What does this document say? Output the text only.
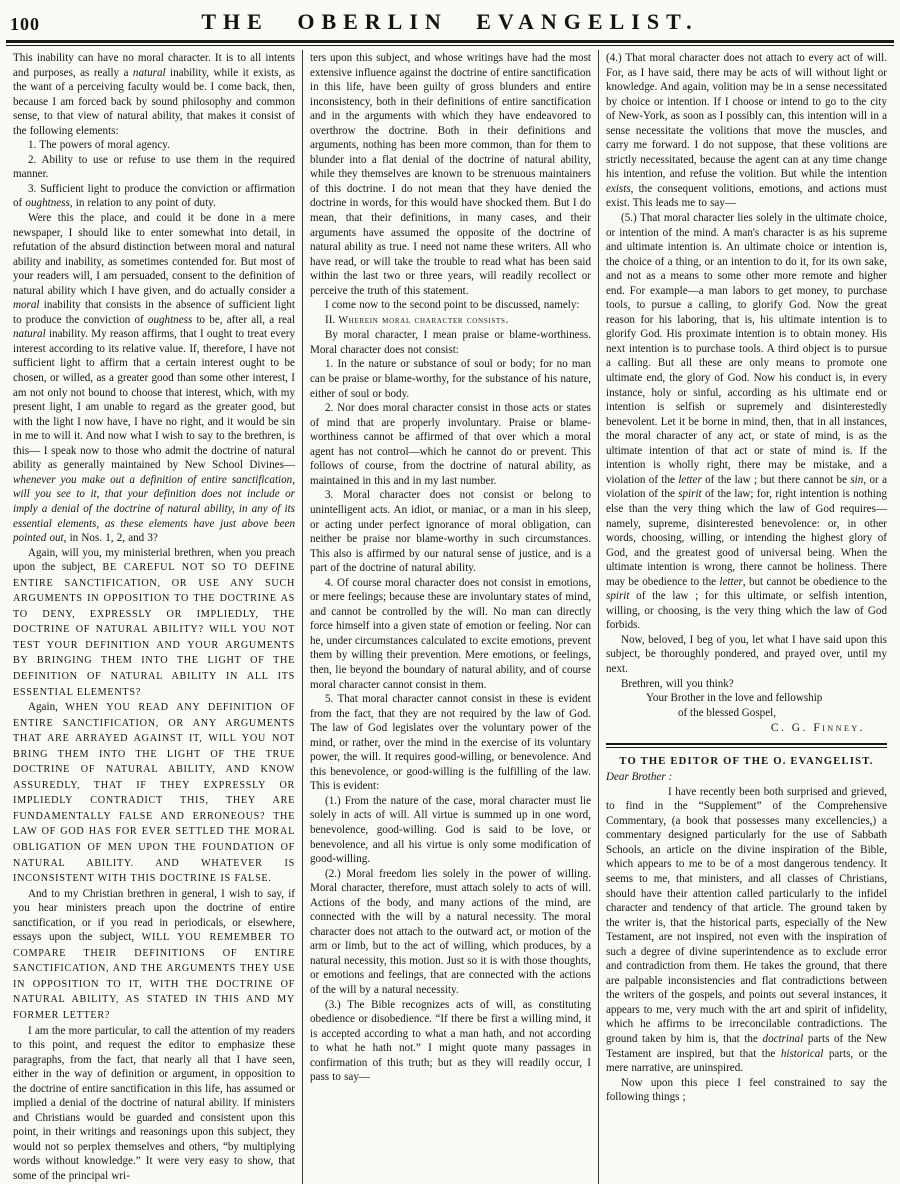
100	THE OBERLIN EVANGELIST.

This inability can have no moral character. It is to all intents and purposes, as really a natural inability, while it exists, as the want of a perceiving faculty would be. I come back, then, because I am forced back by sound philosophy and common sense, to that view of natural ability, that makes it consist of the following elements:

1. The powers of moral agency.

2. Ability to use or refuse to use them in the required manner.

3. Sufficient light to produce the conviction or affirmation of oughtness, in relation to any point of duty.

Were this the place, and could it be done in a mere newspaper, I should like to enter somewhat into detail, in refutation of the absurd distinction between moral and natural ability and inability, as sometimes contended for. But most of your readers will, I am persuaded, consent to the definition of natural ability which I have given, and do actually consider a moral inability that consists in the absence of sufficient light to produce the conviction of oughtness to be, after all, a real natural inability. My reason affirms, that I ought to treat every interest according to its relative value. If, therefore, I have not sufficient light to affirm that a certain interest ought to be chosen, or willed, as a greater good than some other interest, I am not only not bound to choose that interest, which, with my present light, I am unable to regard as the greater good, but with the light I now have, I have no right, and it would be sin in me to will it. And now what I wish to say to the brethren, is this— I speak now to those who admit the doctrine of natural ability as generally maintained by New School Divines—whenever you make out a definition of entire sanctification, will you see to it, that your definition does not include or imply a denial of the doctrine of natural ability, in any of its essential elements, as these elements have just above been pointed out, in Nos. 1, 2, and 3?

Again, will you, my ministerial brethren, when you preach upon the subject, BE CAREFUL NOT SO TO DEFINE ENTIRE SANCTIFICATION, OR USE ANY SUCH ARGUMENTS IN OPPOSITION TO THE DOCTRINE AS TO DENY, EXPRESSLY OR IMPLIEDLY, THE DOCTRINE OF NATURAL ABILITY? WILL YOU NOT TEST YOUR DEFINITION AND YOUR ARGUMENTS BY BRINGING THEM INTO THE LIGHT OF THE DEFINITION OF NATURAL ABILITY IN ALL ITS ESSENTIAL ELEMENTS?

Again, WHEN YOU READ ANY DEFINITION OF ENTIRE SANCTIFICATION, OR ANY ARGUMENTS THAT ARE ARRAYED AGAINST IT, WILL YOU NOT BRING THEM INTO THE LIGHT OF THE TRUE DOCTRINE OF NATURAL ABILITY, AND KNOW ASSUREDLY, THAT IF THEY EXPRESSLY OR IMPLIEDLY CONTRADICT THIS, THEY ARE FUNDAMENTALLY FALSE AND ERRONEOUS? THE LAW OF GOD HAS FOR EVER SETTLED THE MORAL OBLIGATION OF MEN UPON THE FOUNDATION OF NATURAL ABILITY. AND WHATEVER IS INCONSISTENT WITH THIS DOCTRINE IS FALSE.

And to my Christian brethren in general, I wish to say, if you hear ministers preach upon the doctrine of entire sanctification, or if you read in periodicals, or elsewhere, essays upon the subject, WILL YOU REMEMBER TO COMPARE THEIR DEFINITIONS OF ENTIRE SANCTIFICATION, AND THE ARGUMENTS THEY USE IN OPPOSITION TO IT, WITH THE DOCTRINE OF NATURAL ABILITY, AS STATED IN THIS AND MY FORMER LETTER?

I am the more particular, to call the attention of my readers to this point, and request the editor to emphasize these paragraphs, from the fact, that nearly all that I have seen, either in the way of definition or argument, in opposition to the doctrine of entire sanctification in this life, has assumed or implied a denial of the doctrine of natural ability. If ministers and Christians would be guarded and consistent upon this point, in their writings and reasonings upon this subject, they would not so perplex themselves and others, “by multiplying words without knowledge.” It were very easy to show, that some of the principal wri-

ters upon this subject, and whose writings have had the most extensive influence against the doctrine of entire sanctification in this life, have been guilty of gross blunders and entire inconsistency, both in their definitions of entire sanctification and in the arguments with which they have endeavored to overthrow the doctrine. Both in their definitions and arguments, nothing has been more common, than for them to blunder into a flat denial of the doctrine of natural ability, while they themselves are known to be strenuous maintainers of this doctrine. I do not mean that they have denied the doctrine in words, for this would have shocked them. But I do mean, that their definitions, in many cases, and their arguments have assumed the opposite of the doctrine of natural ability as true. I need not name these writers. All who have read, or will take the trouble to read what has been said within the last two or three years, will readily recollect or perceive the truth of this statement.

I come now to the second point to be discussed, namely:

II. Wherein moral character consists.

By moral character, I mean praise or blame-worthiness. Moral character does not consist:

1. In the nature or substance of soul or body; for no man can be praise or blame-worthy, for the substance of his nature, either of soul or body.

2. Nor does moral character consist in those acts or states of mind that are properly involuntary. Praise or blame-worthiness cannot be affirmed of that over which a moral agent has not control—which he cannot do or prevent. This follows of course, from the doctrine of natural ability, as maintained in this and in my last number.

3. Moral character does not consist or belong to unintelligent acts. An idiot, or maniac, or a man in his sleep, or acting under perfect ignorance of moral obligation, can neither be praise nor blame-worthy in such circumstances. This also is affirmed by our natural sense of justice, and is a part of the doctrine of natural ability.

4. Of course moral character does not consist in emotions, or mere feelings; because these are involuntary states of mind, and cannot be controlled by the will. No man can directly force himself into a given state of emotion or feeling. Nor can he, under circumstances calculated to excite emotions, prevent them by willing their prevention. Mere emotions, or feelings, then, lie beyond the boundary of natural ability, and of course moral character cannot consist in them.

5. That moral character cannot consist in these is evident from the fact, that they are not required by the law of God. The law of God legislates over the voluntary power of the mind, or rather, over the mind in the exercise of its voluntary power, the will. It requires good-willing, or benevolence. And this benevolence, or good-willing is the fulfilling of the law. This is evident:

(1.) From the nature of the case, moral character must lie solely in acts of will. All virtue is summed up in one word, benevolence, good-willing. God is said to be love, or benevolence, and all his virtue is only some modification of good-willing.

(2.) Moral freedom lies solely in the power of willing. Moral character, therefore, must attach solely to acts of will. Actions of the body, and many actions of the mind, are connected with the will by a natural necessity. The moral character does not attach to the outward act, or motion of the arm or limb, but to the act of willing, which produces, by a natural necessity, this motion. Just so it is with those thoughts, or emotions and feelings, that are connected with the actions of the will by a natural necessity.

(3.) The Bible recognizes acts of will, as constituting obedience or disobedience. “If there be first a willing mind, it is accepted according to what a man hath, and not according to what he hath not.” I might quote many passages in confirmation of this truth; but as they will readily occur, I pass to say—

(4.) That moral character does not attach to every act of will. For, as I have said, there may be acts of will without light or knowledge. And again, volition may be in a sense necessitated by choice or intention. If I choose or intend to go to the city of New-York, as soon as I possibly can, this intention will in a sense necessitate the volitions that move the muscles, and carry me forward. I do not suppose, that these volitions are strictly necessitated, because the agent can at any time change his intention, and refuse the volition. But while the intention exists, the consequent volitions, emotions, and actions must exist. This leads me to say—

(5.) That moral character lies solely in the ultimate choice, or intention of the mind. A man's character is as his supreme and ultimate intention is. An ultimate choice or intention is, the choice of a thing, or an intention to do it, for its own sake, and not as a means to some other more remote and higher end. For example—a man labors to get money, to purchase tools, to pursue a calling, to glorify God. Now the great reason for his laboring, that is, his ultimate intention is to glorify God. His proximate intention is to obtain money. His next intention is to purchase tools. A third object is to pursue a calling. But all these are only means to promote one ultimate end, the glory of God. Now his conduct is, in every instance, holy or sinful, according as his ultimate end or intention is selfish or supremely and disinterestedly benevolent. Let it be borne in mind, then, that in all instances, the moral character of any act, or state of mind, is as the ultimate intention of that act or state of mind is. If the intention is wholly right, there may be mistake, and a violation of the letter of the law ; but there cannot be sin, or a violation of the spirit of the law; for, right intention is nothing else than the very thing which the law of God requires—namely, supreme, disinterested benevolence: or, in other words, choosing, willing, or intending the highest glory of God, and the greatest good of universal being. When the ultimate intention is wrong, there cannot be holiness. There may be obedience to the letter, but cannot be obedience to the spirit of the law ; for this ultimate, or selfish intention, willing, or choosing, is the very thing which the law of God forbids.

Now, beloved, I beg of you, let what I have said upon this subject, be thoroughly pondered, and prayed over, until my next.

Brethren, will you think?

Your Brother in the love and fellowship

of the blessed Gospel,

C. G. Finney.

TO THE EDITOR OF THE O. EVANGELIST.

Dear Brother :

I have recently been both surprised and grieved, to find in the “Supplement” of the Comprehensive Commentary, (a book that possesses many excellencies,) a commentary designed particularly for the use of Sabbath Schools, an article on the divine inspiration of the Bible, which appears to me to be of a most dangerous tendency. It seems to me, that ministers, and all classes of Christians, should have their attention called particularly to the infidel character and tendency of that article. The ground taken by the writer is, that the historical parts, especially of the New Testament, are not inspired, not even with the inspiration of such a degree of divine superintendence as to exclude error and contradiction from them. He takes the ground, that there are palpable inconsistencies and flat contradictions between the writers of the gospels, and points out several instances, it appears to me, very much with the art and spirit of infidelity, which he affirms to be irreconcilable contradictions. The ground taken by him is, that the doctrinal parts of the New Testament are inspired, but that the historical parts, or the mere narrative, are uninspired.

Now upon this piece I feel constrained to say the following things ;
